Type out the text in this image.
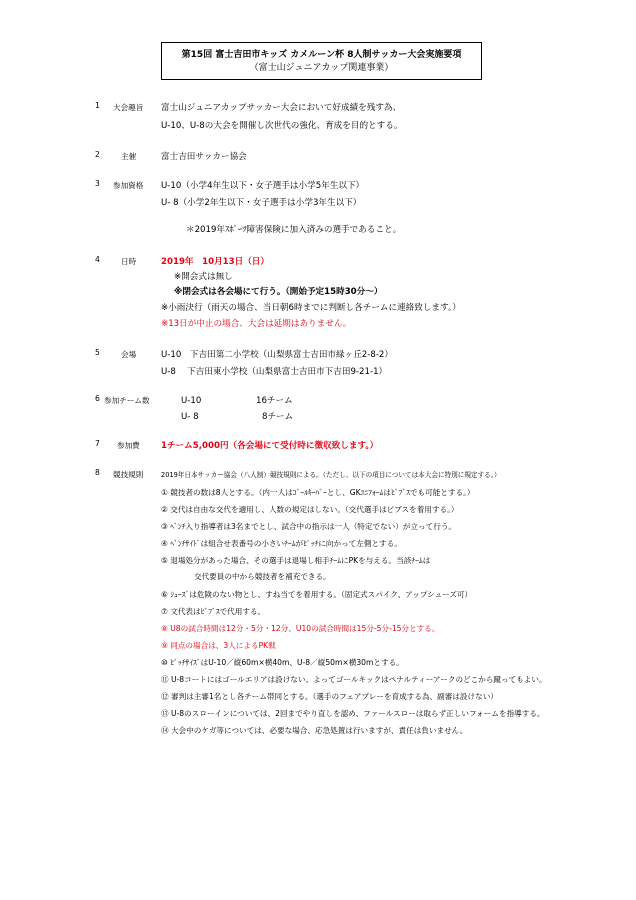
第15回 富士吉田市キッズ カメルーン杯 8人制サッカー大会実施要項
（富士山ジュニアカップ関連事業）
1 大会趣旨 富士山ジュニアカップサッカー大会において好成績を残す為、
U-10、U-8の大会を開催し次世代の強化、育成を目的とする。
2	主催	富士吉田サッカー協会
3 参加資格 U-10（小学4年生以下・女子選手は小学5年生以下）
U- 8（小学2年生以下・女子選手は小学3年生以下）
＊2019年ｽﾎﾟｰﾂ障害保険に加入済みの選手であること。
4	日時	2019年　10月13日（日）
※開会式は無し
※閉会式は各会場にて行う。（開始予定15時30分～）
※小雨決行（雨天の場合、当日朝6時までに判断し各チームに連絡致します。）
※13日が中止の場合、大会は延期はありません。
5	会場	U-10　下吉田第二小学校（山梨県富士吉田市緑ヶ丘2-8-2）
U-8　 下吉田東小学校（山梨県富士吉田市下吉田9-21-1）
6 参加チーム数	U-10	16チーム
U- 8	8チーム
7 参加費 1チーム5,000円（各会場にて受付時に徴収致します。）
8 競技規則	2019年日本サッカー協会（八人制）競技規則による。（ただし、以下の項目については本大会に特別に規定する。）
① 競技者の数は8人とする。（内一人はｺﾞｰﾙｷｰﾊﾟｰとし、GKﾕﾆﾌｫｰﾑはﾋﾞﾌﾞｽでも可能とする。）
② 交代は自由な交代を適用し、人数の規定はしない。（交代選手はビブスを着用する。）
③ ﾍﾞﾝﾁ入り指導者は3名までとし、試合中の指示は一人（特定でない）が立って行う。
④ ﾍﾞﾝﾁｻｲﾄﾞは組合せ表番号の小さいﾁｰﾑがﾋﾟｯﾁに向かって左側とする。
⑤ 退場処分があった場合、その選手は退場し相手ﾁｰﾑにPKを与える。当該ﾁｰﾑは
交代要員の中から競技者を補充できる。
⑥ ｼｭｰｽﾞは危険のない物とし、すね当てを着用する。（固定式スパイク、アップシューズ可）
⑦ 文代表はﾋﾞﾌﾞｽで代用する。
⑧ U8の試合時間は12分・5分・12分、U10の試合時間は15分-5分-15分とする。
⑨ 同点の場合は、3人によるPK戦
⑩ ﾋﾟｯﾁｻｲｽﾞはU-10／縦60m×横40m、U-8／縦50m×横30mとする。
⑪ U-8コートにはゴールエリアは設けない。よってゴールキックはペナルティーアークのどこから蹴ってもよい。
⑫ 審判は主審1名とし各チーム帯同とする。（選手のフェアプレーを育成する為、副審は設けない）
⑬ U-8のスローインについては、2回までやり直しを認め、ファールスローは取らず正しいフォームを指導する。
⑭ 大会中のケガ等については、必要な場合、応急処置は行いますが、責任は負いません。
